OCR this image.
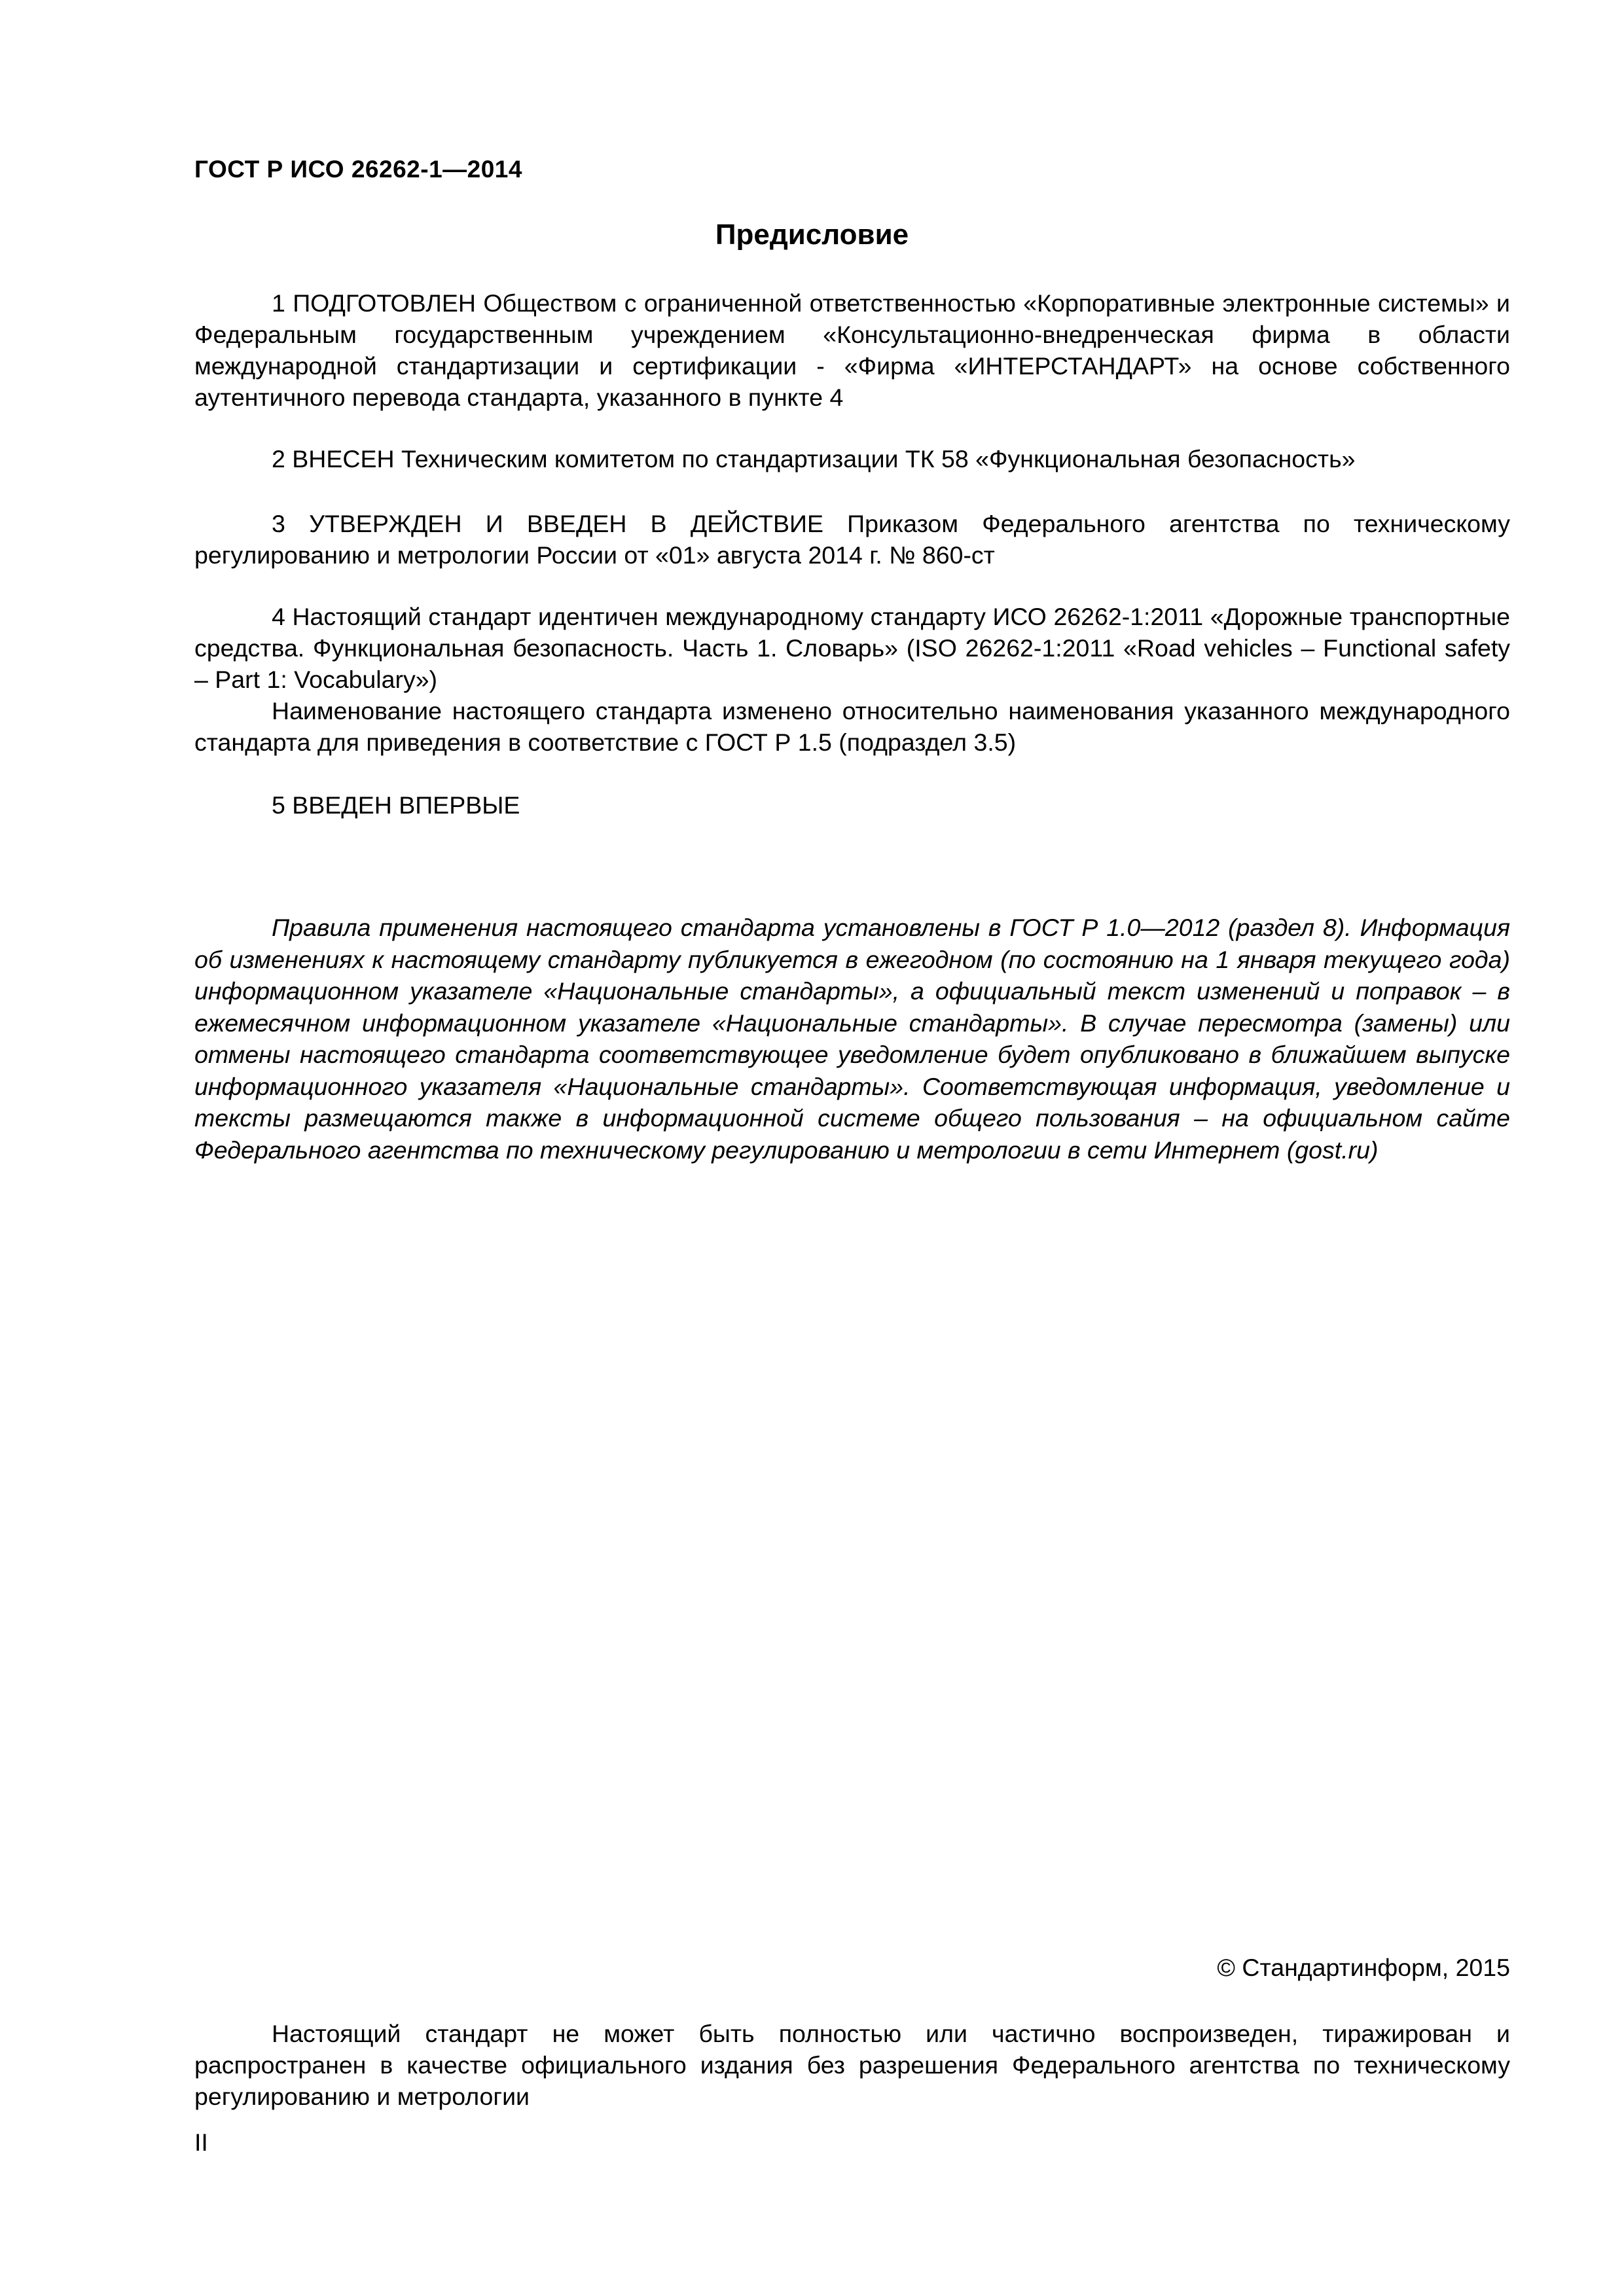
ГОСТ Р ИСО 26262-1—2014
Предисловие

1 ПОДГОТОВЛЕН Обществом с ограниченной ответственностью «Корпоративные электронные системы» и Федеральным государственным учреждением «Консультационно-внедренческая фирма в области международной стандартизации и сертификации - «Фирма «ИНТЕРСТАНДАРТ» на основе собственного аутентичного перевода стандарта, указанного в пункте 4

2 ВНЕСЕН Техническим комитетом по стандартизации ТК 58 «Функциональная безопасность»

3 УТВЕРЖДЕН И ВВЕДЕН В ДЕЙСТВИЕ Приказом Федерального агентства по техническому регулированию и метрологии России от «01» августа 2014 г. № 860-ст

4 Настоящий стандарт идентичен международному стандарту ИСО 26262-1:2011 «Дорожные транспортные средства. Функциональная безопасность. Часть 1. Словарь» (ISO 26262-1:2011 «Road vehicles – Functional safety – Part 1: Vocabulary»)

Наименование настоящего стандарта изменено относительно наименования указанного международного стандарта для приведения в соответствие с ГОСТ Р 1.5 (подраздел 3.5)

5 ВВЕДЕН ВПЕРВЫЕ

Правила применения настоящего стандарта установлены в ГОСТ Р 1.0—2012 (раздел 8). Информация об изменениях к настоящему стандарту публикуется в ежегодном (по состоянию на 1 января текущего года) информационном указателе «Национальные стандарты», а официальный текст изменений и поправок – в ежемесячном информационном указателе «Национальные стандарты». В случае пересмотра (замены) или отмены настоящего стандарта соответствующее уведомление будет опубликовано в ближайшем выпуске информационного указателя «Национальные стандарты». Соответствующая информация, уведомление и тексты размещаются также в информационной системе общего пользования – на официальном сайте Федерального агентства по техническому регулированию и метрологии в сети Интернет (gost.ru)

© Стандартинформ, 2015

Настоящий стандарт не может быть полностью или частично воспроизведен, тиражирован и распространен в качестве официального издания без разрешения Федерального агентства по техническому регулированию и метрологии

II
